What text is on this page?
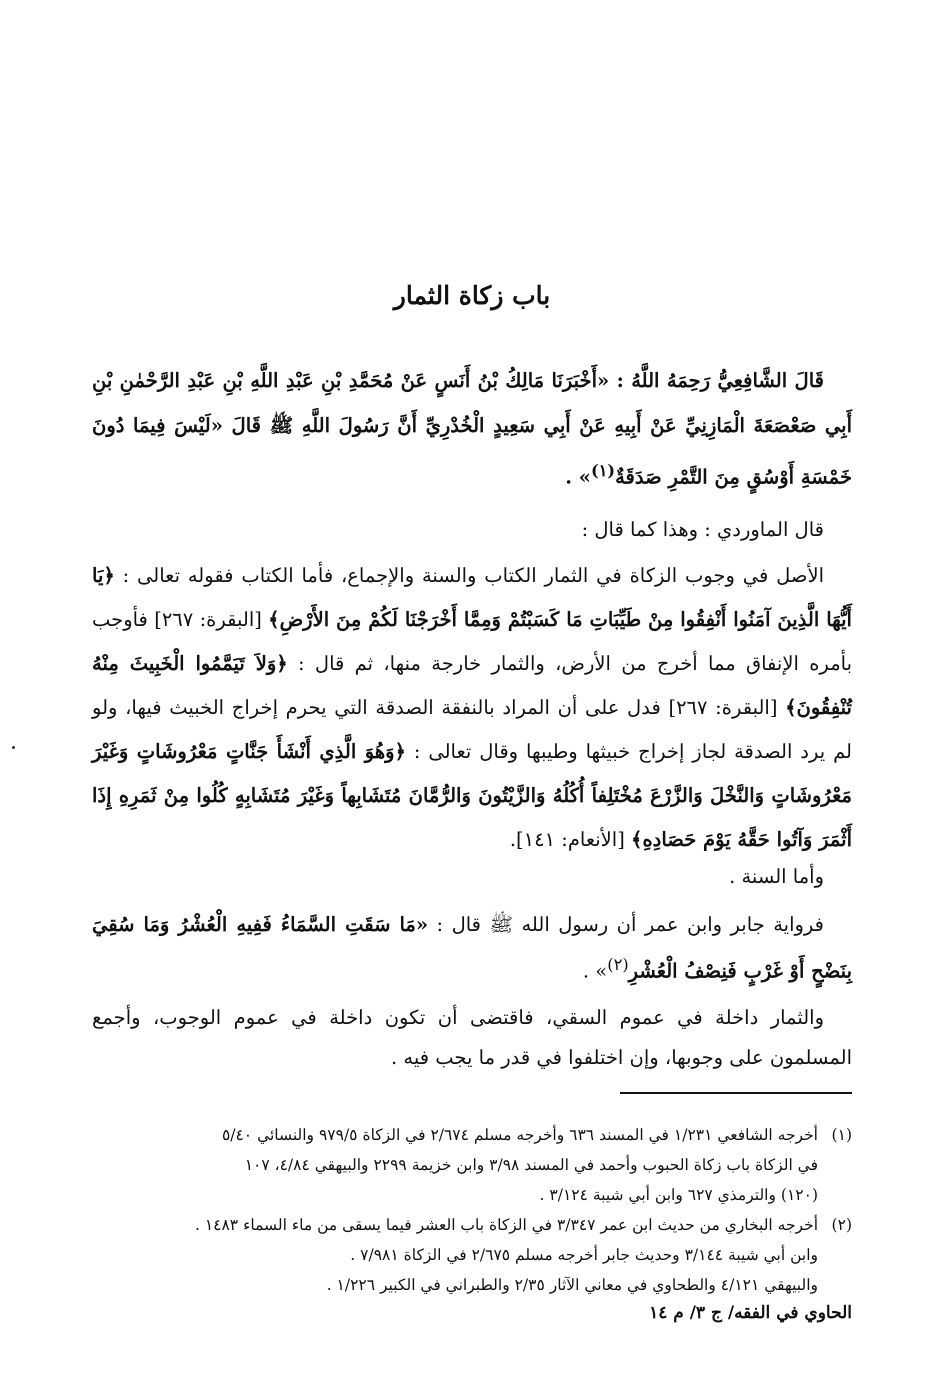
باب زكاة الثمار

قَالَ الشَّافِعِيُّ رَحِمَهُ اللَّهُ : «أَخْبَرَنَا مَالِكُ بْنُ أَنَسٍ عَنْ مُحَمَّدِ بْنِ عَبْدِ اللَّهِ بْنِ عَبْدِ الرَّحْمٰنِ بْنِ أَبِي صَعْصَعَةَ الْمَازِنِيِّ عَنْ أَبِيهِ عَنْ أَبِي سَعِيدٍ الْخُدْرِيِّ أَنَّ رَسُولَ اللَّهِ ﷺ قَالَ «لَيْسَ فِيمَا دُونَ خَمْسَةِ أَوْسُقٍ مِنَ التَّمْرِ صَدَقَةٌ$^{(١)}$» .

قال الماوردي : وهذا كما قال :

الأصل في وجوب الزكاة في الثمار الكتاب والسنة والإجماع، فأما الكتاب فقوله تعالى : ﴿يَا أَيُّهَا الَّذِينَ آمَنُوا أَنْفِقُوا مِنْ طَيِّبَاتِ مَا كَسَبْتُمْ وَمِمَّا أَخْرَجْنَا لَكُمْ مِنَ الأَرْضِ﴾ [البقرة: ٢٦٧] فأوجب بأمره الإنفاق مما أخرج من الأرض، والثمار خارجة منها، ثم قال : ﴿وَلاَ تَيَمَّمُوا الْخَبِيثَ مِنْهُ تُنْفِقُونَ﴾ [البقرة: ٢٦٧] فدل على أن المراد بالنفقة الصدقة التي يحرم إخراج الخبيث فيها، ولو لم يرد الصدقة لجاز إخراج خبيثها وطيبها وقال تعالى : ﴿وَهُوَ الَّذِي أَنْشَأَ جَنَّاتٍ مَعْرُوشَاتٍ وَغَيْرَ مَعْرُوشَاتٍ وَالنَّخْلَ وَالزَّرْعَ مُخْتَلِفاً أُكُلُهُ وَالزَّيْتُونَ وَالرُّمَّانَ مُتَشَابِهاً وَغَيْرَ مُتَشَابِهٍ كُلُوا مِنْ ثَمَرِهِ إِذَا أَثْمَرَ وَآتُوا حَقَّهُ يَوْمَ حَصَادِهِ﴾ [الأنعام: ١٤١].

وأما السنة .

فرواية جابر وابن عمر أن رسول الله ﷺ قال : «مَا سَقَتِ السَّمَاءُ فَفِيهِ الْعُشْرُ وَمَا سُقِيَ بِنَضْحٍ أَوْ غَرْبٍ فَنِصْفُ الْعُشْرِ$^{(٢)}$» .

والثمار داخلة في عموم السقي، فاقتضى أن تكون داخلة في عموم الوجوب، وأجمع المسلمون على وجوبها، وإن اختلفوا في قدر ما يجب فيه .

(١)أخرجه الشافعي ١/٢٣١ في المسند ٦٣٦ وأخرجه مسلم ٢/٦٧٤ في الزكاة ٩٧٩/٥ والنسائي ٥/٤٠

في الزكاة باب زكاة الحبوب وأحمد في المسند ٣/٩٨ وابن خزيمة ٢٢٩٩ والبيهقي ٤/٨٤، ١٠٧

(١٢٠) والترمذي ٦٢٧ وابن أبي شيبة ٣/١٢٤ .

(٢)أخرجه البخاري من حديث ابن عمر ٣/٣٤٧ في الزكاة باب العشر فيما يسقى من ماء السماء ١٤٨٣ .

وابن أبي شيبة ٣/١٤٤ وحديث جابر أخرجه مسلم ٢/٦٧٥ في الزكاة ٧/٩٨١ .

والبيهقي ٤/١٢١ والطحاوي في معاني الآثار ٢/٣٥ والطبراني في الكبير ١/٢٢٦ .

الحاوي في الفقه/ ج ٣/ م ١٤
